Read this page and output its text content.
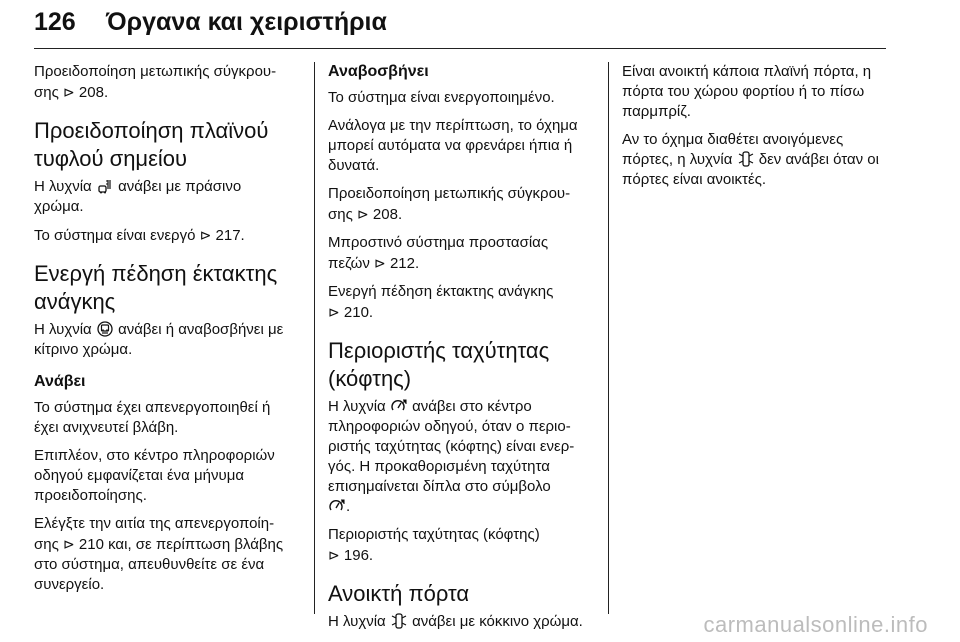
126 Όργανα και χειριστήρια

Προειδοποίηση μετωπικής σύγκρου-
σης ⊳ 208.

Προειδοποίηση πλαϊνού
τυφλού σημείου

Η λυχνία ανάβει με πράσινο
χρώμα.

Το σύστημα είναι ενεργό ⊳ 217.

Ενεργή πέδηση έκτακτης
ανάγκης

Η λυχνία ανάβει ή αναβοσβήνει με
κίτρινο χρώμα.

Ανάβει

Το σύστημα έχει απενεργοποιηθεί ή
έχει ανιχνευτεί βλάβη.

Επιπλέον, στο κέντρο πληροφοριών
οδηγού εμφανίζεται ένα μήνυμα
προειδοποίησης.

Ελέγξτε την αιτία της απενεργοποίη-
σης ⊳ 210 και, σε περίπτωση βλάβης
στο σύστημα, απευθυνθείτε σε ένα
συνεργείο.

Αναβοσβήνει

Το σύστημα είναι ενεργοποιημένο.

Ανάλογα με την περίπτωση, το όχημα
μπορεί αυτόματα να φρενάρει ήπια ή
δυνατά.

Προειδοποίηση μετωπικής σύγκρου-
σης ⊳ 208.

Μπροστινό σύστημα προστασίας
πεζών ⊳ 212.

Ενεργή πέδηση έκτακτης ανάγκης
⊳ 210.

Περιοριστής ταχύτητας
(κόφτης)

Η λυχνία ανάβει στο κέντρο
πληροφοριών οδηγού, όταν ο περιο-
ριστής ταχύτητας (κόφτης) είναι ενερ-
γός. Η προκαθορισμένη ταχύτητα
επισημαίνεται δίπλα στο σύμβολο
.

Περιοριστής ταχύτητας (κόφτης)
⊳ 196.

Ανοικτή πόρτα

Η λυχνία ανάβει με κόκκινο χρώμα.

Είναι ανοικτή κάποια πλαϊνή πόρτα, η
πόρτα του χώρου φορτίου ή το πίσω
παρμπρίζ.

Αν το όχημα διαθέτει ανοιγόμενες
πόρτες, η λυχνία δεν ανάβει όταν οι
πόρτες είναι ανοικτές.

carmanualsonline.info
